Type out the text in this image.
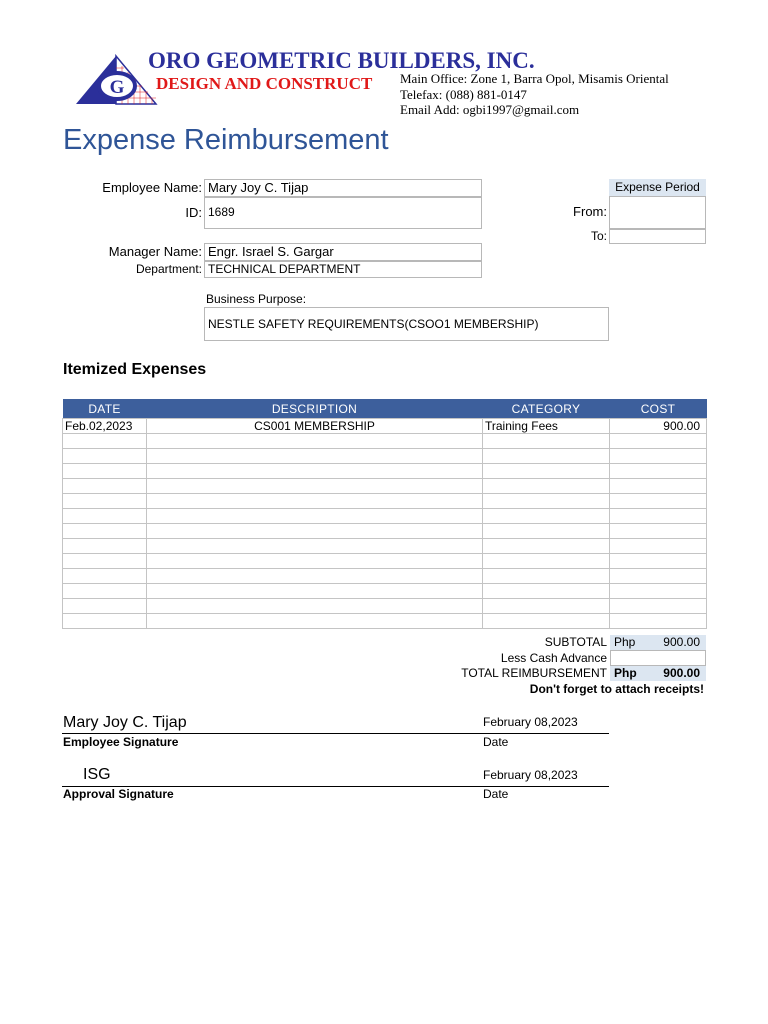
G
ORO GEOMETRIC BUILDERS, INC.
DESIGN AND CONSTRUCT Main Office: Zone 1, Barra Opol, Misamis Oriental
Telefax: (088) 881-0147
Email Add: ogbi1997@gmail.com
Expense Reimbursement
Employee Name: Mary Joy C. Tijap
ID: 1689
Manager Name: Engr. Israel S. Gargar
Department: TECHNICAL DEPARTMENT
Business Purpose:
NESTLE SAFETY REQUIREMENTS(CSOO1 MEMBERSHIP)
Expense Period
From:
To:
Itemized Expenses
DATE	DESCRIPTION	CATEGORY	COST
Feb.02,2023	CS001 MEMBERSHIP	Training Fees	900.00

SUBTOTAL Php 900.00
Less Cash Advance
TOTAL REIMBURSEMENT Php 900.00
Don't forget to attach receipts!
Mary Joy C. Tijap	February 08,2023
Employee Signature	Date
ISG	February 08,2023
Approval Signature	Date
